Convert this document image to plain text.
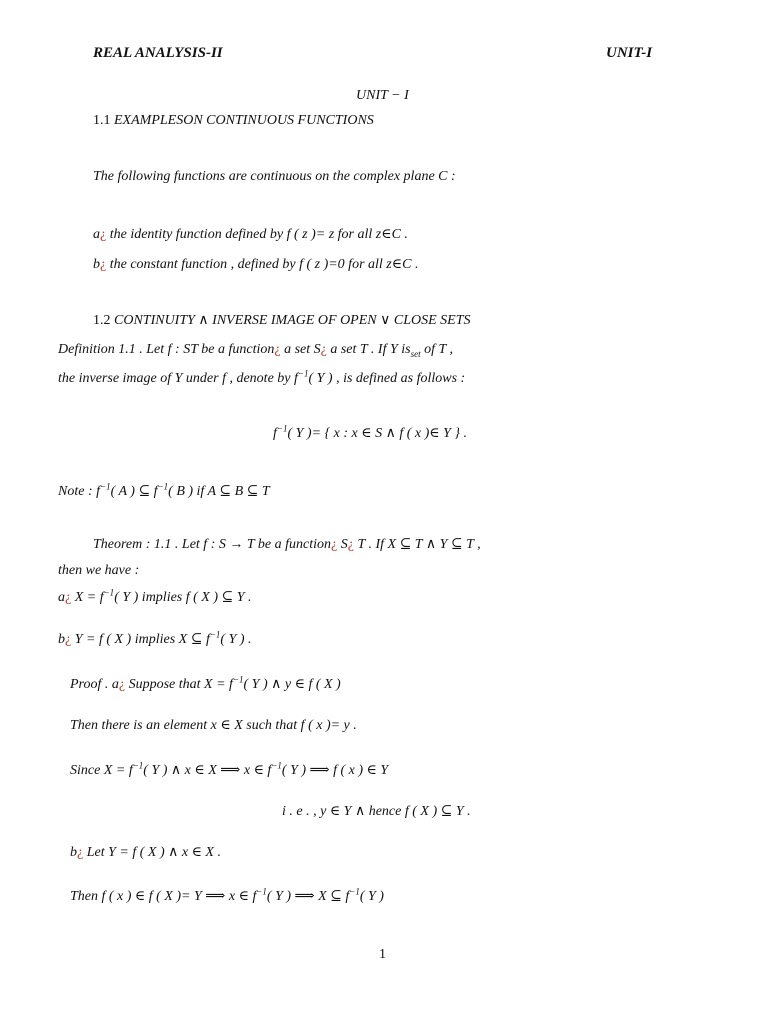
REAL ANALYSIS-II	UNIT-I
UNIT − I
1.1 EXAMPLESON CONTINUOUS FUNCTIONS
The following functions are continuous on the complex plane C :
a¿ the identity function defined by f ( z )= z for all z∈C .
b¿ the constant function , defined by f ( z )=0 for all z∈C .
1.2 CONTINUITY ∧ INVERSE IMAGE OF OPEN ∨ CLOSE SETS
Definition 1.1 . Let f : ST be a function¿ a set S¿ a set T . If Y $is_{set}$ of T ,
the inverse image of Y under f , denote by $f^{-1}$( Y ) , is defined as follows :
$f^{-1}$( Y )= { x : x ∈ S ∧ f ( x )∈ Y } .
Note : $f^{-1}$( A ) ⊆ $f^{-1}$( B ) if A ⊆ B ⊆ T
Theorem : 1.1 . Let f : S → T be a function¿ S¿ T . If X ⊆ T ∧ Y ⊆ T ,
then we have :
a¿ $X = f^{-1}$( Y ) implies f ( X ) ⊆ Y .
b¿ Y = f ( X ) implies X ⊆ $f^{-1}$( Y ) .
Proof . a¿ Suppose that $X = f^{-1}$( Y ) ∧ y ∈ f ( X )
Then there is an element x ∈ X such that f ( x )= y .
Since $X = f^{-1}$( Y ) ∧ x ∈ X ⟹ x ∈ $f^{-1}$( Y ) ⟹ f ( x ) ∈ Y
i . e . , y ∈ Y ∧ hence f ( X ) ⊆ Y .
b¿ Let Y = f ( X ) ∧ x ∈ X .
Then f ( x ) ∈ f ( X )= Y ⟹ x ∈ $f^{-1}$( Y ) ⟹ X ⊆ $f^{-1}$( Y )
1
